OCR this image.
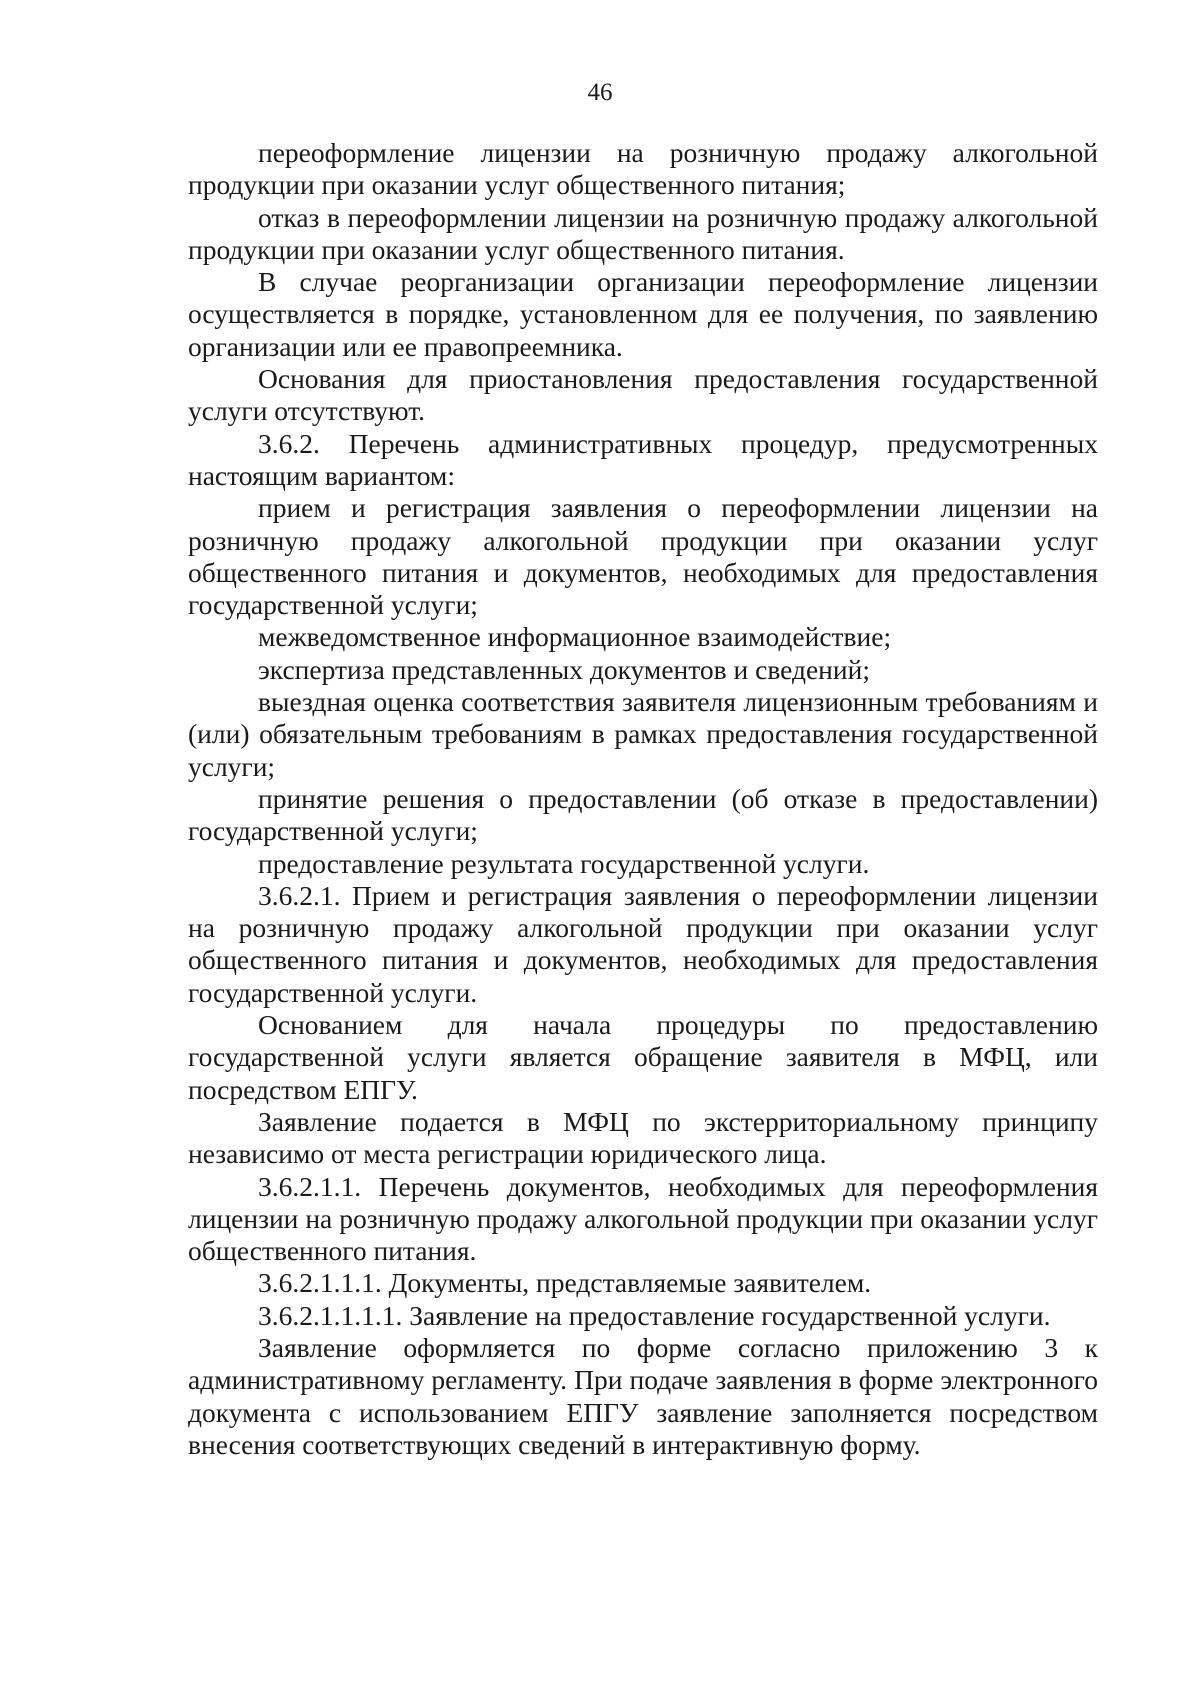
46

переоформление лицензии на розничную продажу алкогольной продукции при оказании услуг общественного питания;

отказ в переоформлении лицензии на розничную продажу алкогольной продукции при оказании услуг общественного питания.

В случае реорганизации организации переоформление лицензии осуществляется в порядке, установленном для ее получения, по заявлению организации или ее правопреемника.

Основания для приостановления предоставления государственной услуги отсутствуют.

3.6.2. Перечень административных процедур, предусмотренных настоящим вариантом:

прием и регистрация заявления о переоформлении лицензии на розничную продажу алкогольной продукции при оказании услуг общественного питания и документов, необходимых для предоставления государственной услуги;

межведомственное информационное взаимодействие;

экспертиза представленных документов и сведений;

выездная оценка соответствия заявителя лицензионным требованиям и (или) обязательным требованиям в рамках предоставления государственной услуги;

принятие решения о предоставлении (об отказе в предоставлении) государственной услуги;

предоставление результата государственной услуги.

3.6.2.1. Прием и регистрация заявления о переоформлении лицензии на розничную продажу алкогольной продукции при оказании услуг общественного питания и документов, необходимых для предоставления государственной услуги.

Основанием для начала процедуры по предоставлению государственной услуги является обращение заявителя в МФЦ, или посредством ЕПГУ.

Заявление подается в МФЦ по экстерриториальному принципу независимо от места регистрации юридического лица.

3.6.2.1.1. Перечень документов, необходимых для переоформления лицензии на розничную продажу алкогольной продукции при оказании услуг общественного питания.

3.6.2.1.1.1. Документы, представляемые заявителем.

3.6.2.1.1.1.1. Заявление на предоставление государственной услуги.

Заявление оформляется по форме согласно приложению 3 к административному регламенту. При подаче заявления в форме электронного документа с использованием ЕПГУ заявление заполняется посредством внесения соответствующих сведений в интерактивную форму.
